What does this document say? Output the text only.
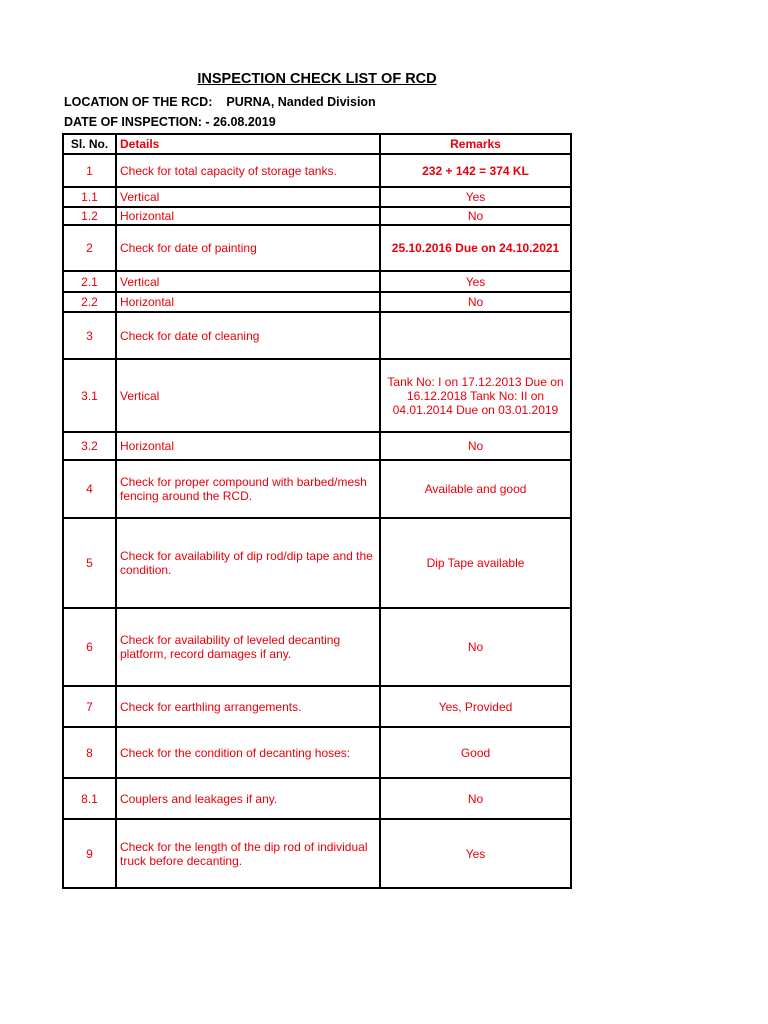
INSPECTION CHECK LIST OF RCD
LOCATION OF THE RCD: PURNA, Nanded Division
DATE OF INSPECTION: - 26.08.2019
Sl. No.	Details	Remarks
1	Check for total capacity of storage tanks.	232 + 142 = 374 KL
1.1	Vertical	Yes
1.2	Horizontal	No
2	Check for date of painting	25.10.2016 Due on 24.10.2021
2.1	Vertical	Yes
2.2	Horizontal	No
3	Check for date of cleaning	
3.1	Vertical	Tank No: I on 17.12.2013 Due on 16.12.2018 Tank No: II on 04.01.2014 Due on 03.01.2019
3.2	Horizontal	No
4	Check for proper compound with barbed/mesh fencing around the RCD.	Available and good
5	Check for availability of dip rod/dip tape and the condition.	Dip Tape available
6	Check for availability of leveled decanting platform, record damages if any.	No
7	Check for earthling arrangements.	Yes, Provided
8	Check for the condition of decanting hoses:	Good
8.1	Couplers and leakages if any.	No
9	Check for the length of the dip rod of individual truck before decanting.	Yes
